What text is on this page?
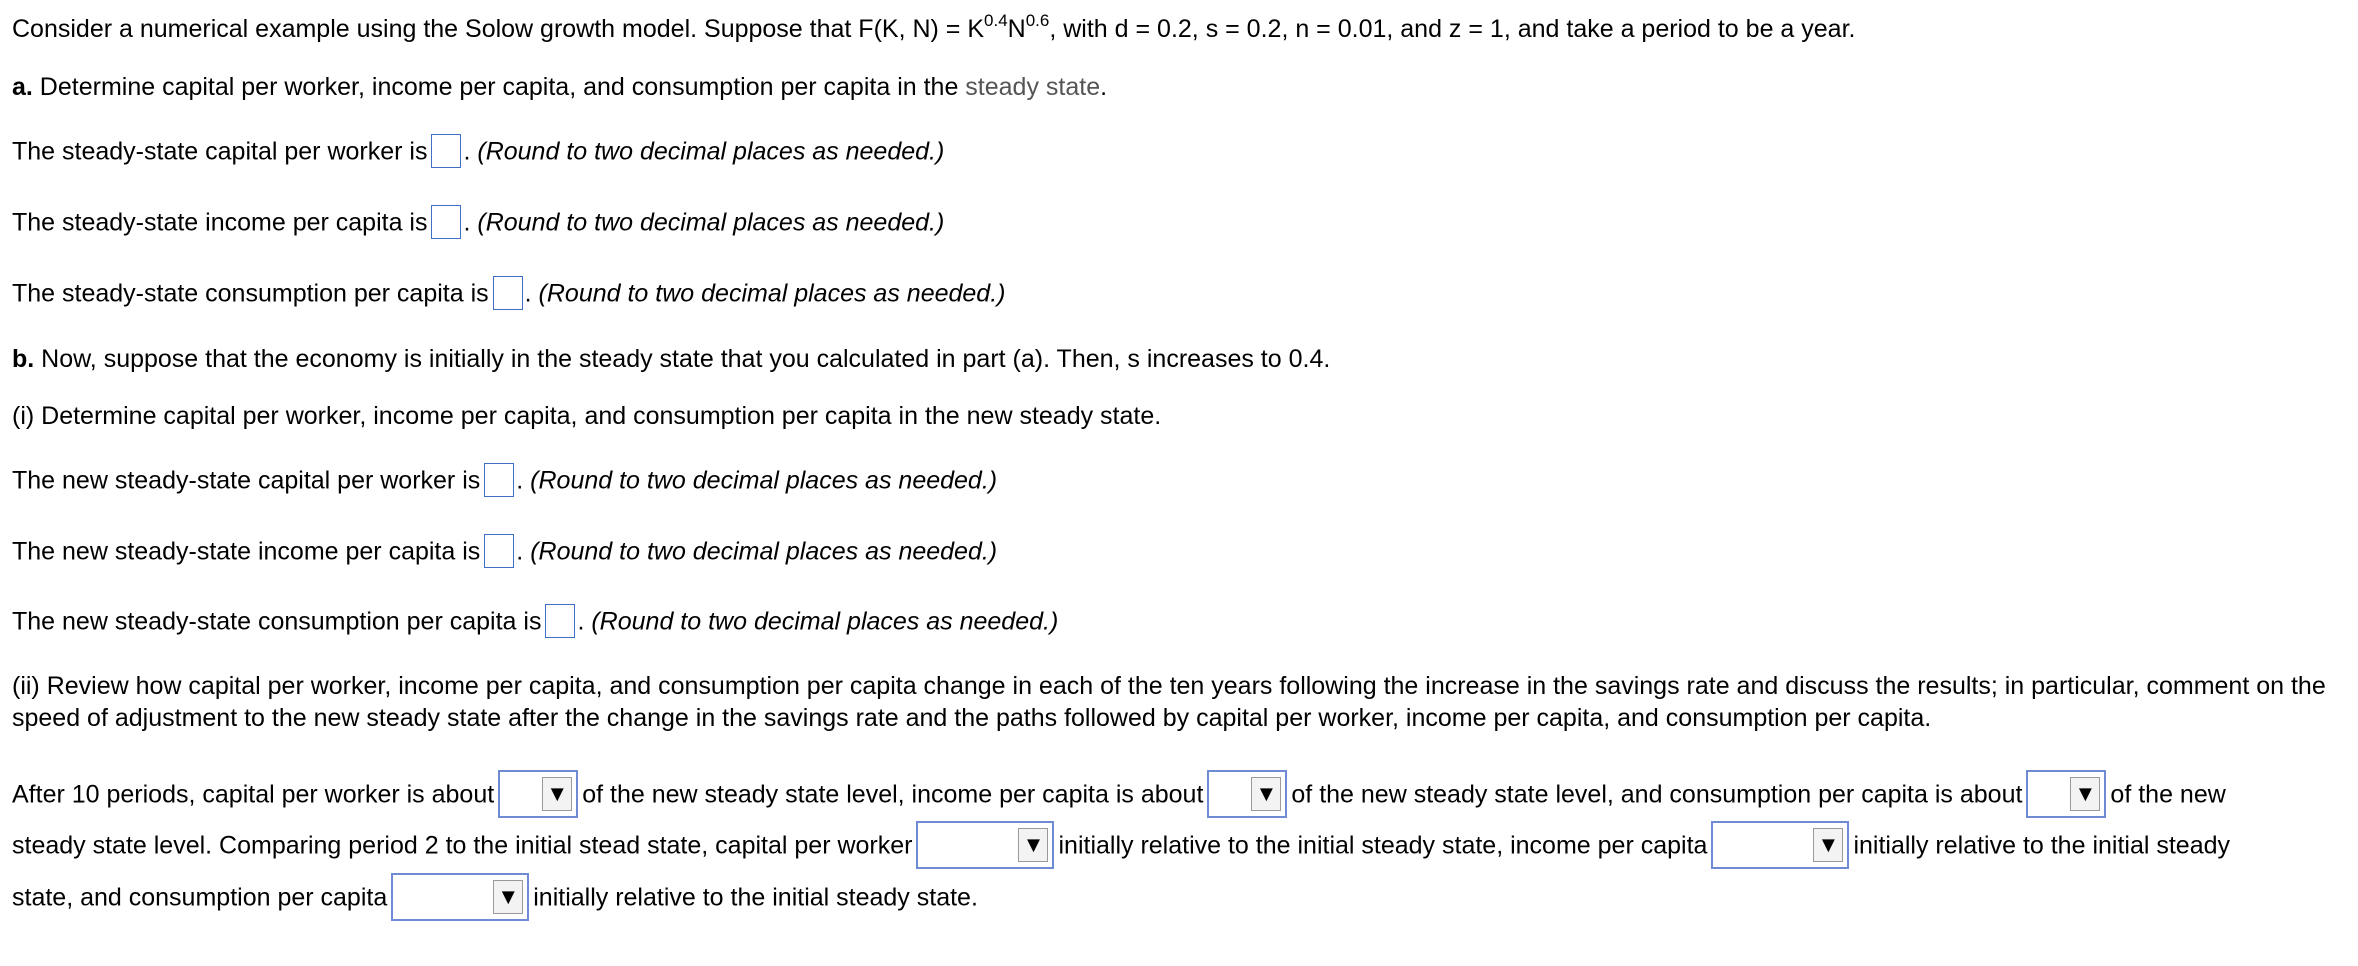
Consider a numerical example using the Solow growth model. Suppose that F(K, $N) = K^{0.4}N^{0.6}$, with d = 0.2, s = 0.2, n = 0.01, and z = 1, and take a period to be a year.
a. Determine capital per worker, income per capita, and consumption per capita in the steady state.
The steady-state capital per worker is . (Round to two decimal places as needed.)
The steady-state income per capita is . (Round to two decimal places as needed.)
The steady-state consumption per capita is . (Round to two decimal places as needed.)
b. Now, suppose that the economy is initially in the steady state that you calculated in part (a). Then, s increases to 0.4.
(i) Determine capital per worker, income per capita, and consumption per capita in the new steady state.
The new steady-state capital per worker is . (Round to two decimal places as needed.)
The new steady-state income per capita is . (Round to two decimal places as needed.)
The new steady-state consumption per capita is . (Round to two decimal places as needed.)
(ii) Review how capital per worker, income per capita, and consumption per capita change in each of the ten years following the increase in the savings rate and discuss the results; in particular, comment on the speed of adjustment to the new steady state after the change in the savings rate and the paths followed by capital per worker, income per capita, and consumption per capita.
After 10 periods, capital per worker is about ▼ of the new steady state level, income per capita is about ▼ of the new steady state level, and consumption per capita is about ▼ of the new
steady state level. Comparing period 2 to the initial stead state, capital per worker	▼ initially relative to the initial steady state, income per capita	▼ initially relative to the initial steady
state, and consumption per capita	▼ initially relative to the initial steady state.
